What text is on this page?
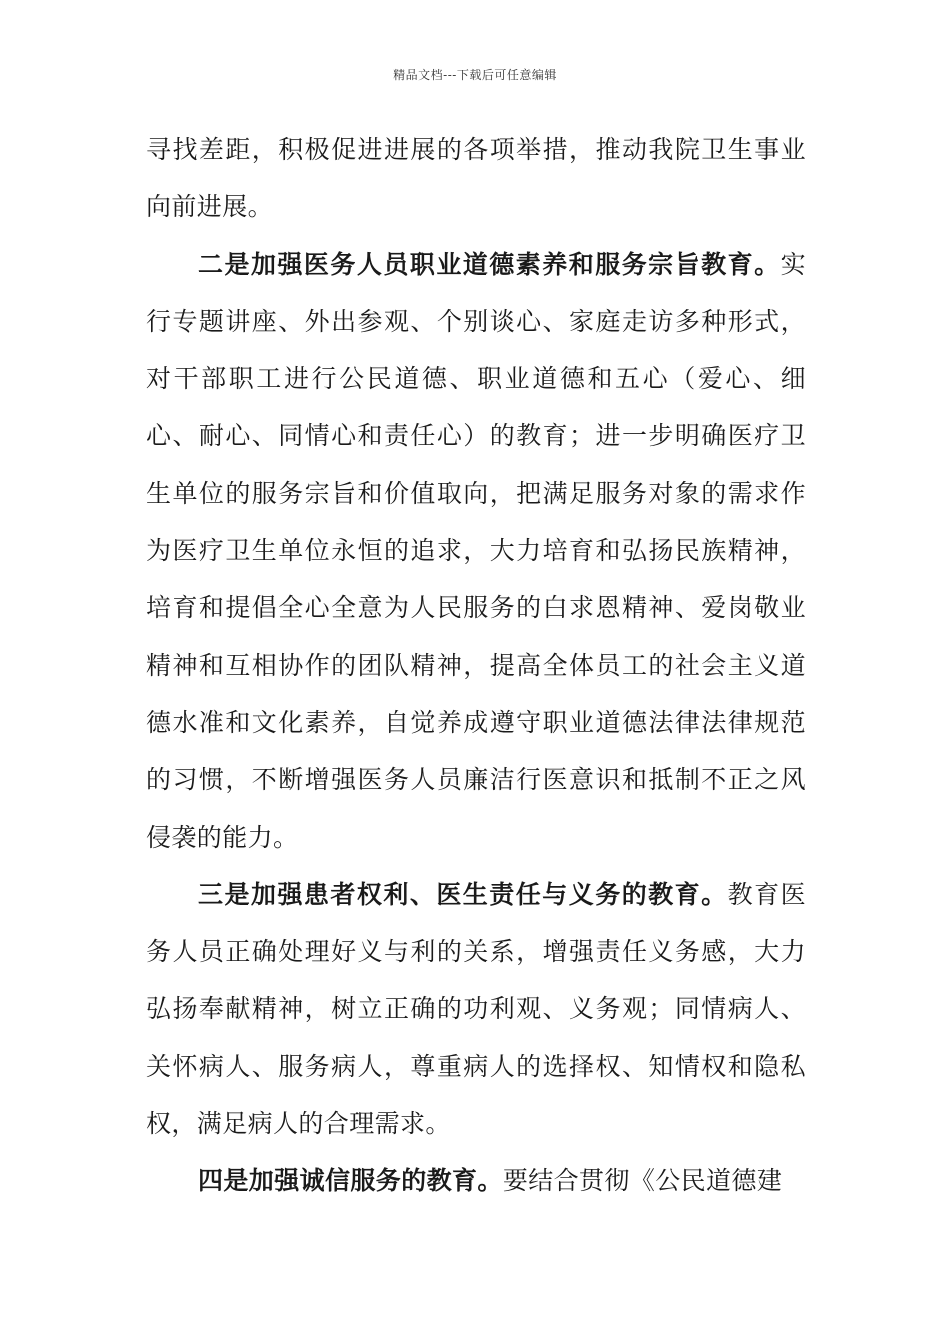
精品文档---下载后可任意编辑

寻找差距，积极促进进展的各项举措，推动我院卫生事业向前进展。

二是加强医务人员职业道德素养和服务宗旨教育。实行专题讲座、外出参观、个别谈心、家庭走访多种形式，对干部职工进行公民道德、职业道德和五心（爱心、细心、耐心、同情心和责任心）的教育；进一步明确医疗卫生单位的服务宗旨和价值取向，把满足服务对象的需求作为医疗卫生单位永恒的追求，大力培育和弘扬民族精神，培育和提倡全心全意为人民服务的白求恩精神、爱岗敬业精神和互相协作的团队精神，提高全体员工的社会主义道德水准和文化素养，自觉养成遵守职业道德法律法律规范的习惯，不断增强医务人员廉洁行医意识和抵制不正之风侵袭的能力。

三是加强患者权利、医生责任与义务的教育。教育医务人员正确处理好义与利的关系，增强责任义务感，大力弘扬奉献精神，树立正确的功利观、义务观；同情病人、关怀病人、服务病人，尊重病人的选择权、知情权和隐私权，满足病人的合理需求。

四是加强诚信服务的教育。要结合贯彻《公民道德建
